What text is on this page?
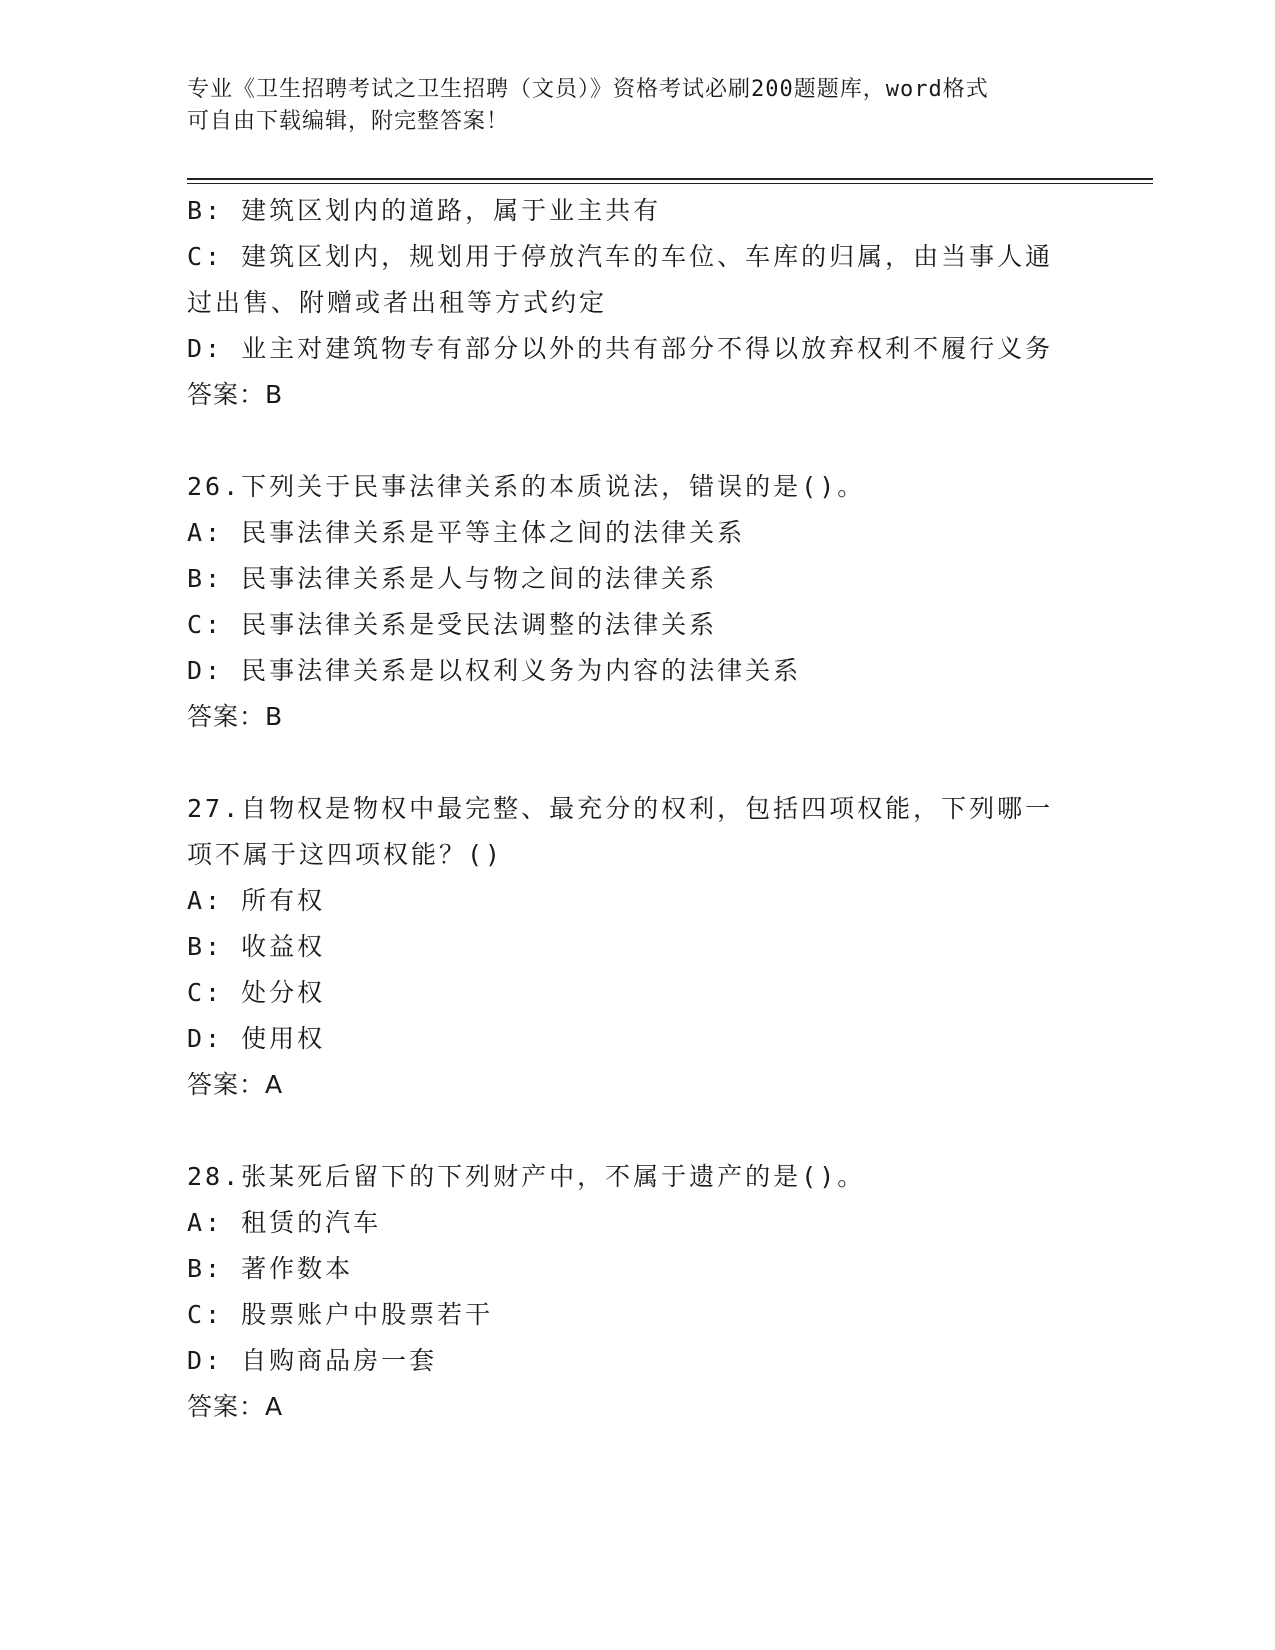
专业《卫生招聘考试之卫生招聘（文员）》资格考试必刷200题题库，word格式
可自由下载编辑，附完整答案！
B: 建筑区划内的道路，属于业主共有
C: 建筑区划内，规划用于停放汽车的车位、车库的归属，由当事人通
过出售、附赠或者出租等方式约定
D: 业主对建筑物专有部分以外的共有部分不得以放弃权利不履行义务
答案：B
26.下列关于民事法律关系的本质说法，错误的是()。
A: 民事法律关系是平等主体之间的法律关系
B: 民事法律关系是人与物之间的法律关系
C: 民事法律关系是受民法调整的法律关系
D: 民事法律关系是以权利义务为内容的法律关系
答案：B
27.自物权是物权中最完整、最充分的权利，包括四项权能，下列哪一
项不属于这四项权能？()
A: 所有权
B: 收益权
C: 处分权
D: 使用权
答案：A
28.张某死后留下的下列财产中，不属于遗产的是()。
A: 租赁的汽车
B: 著作数本
C: 股票账户中股票若干
D: 自购商品房一套
答案：A
